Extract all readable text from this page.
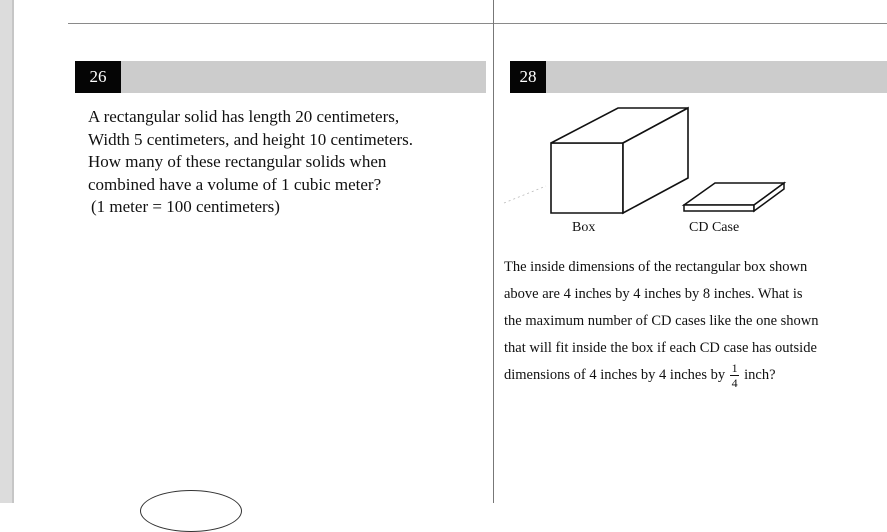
26

A rectangular solid has length 20 centimeters,
Width 5 centimeters, and height 10 centimeters.
How many of these rectangular solids when
combined have a volume of 1 cubic meter?
(1 meter = 100 centimeters)

28
Box	CD Case

The inside dimensions of the rectangular box shown
above are 4 inches by 4 inches by 8 inches. What is
the maximum number of CD cases like the one shown
that will fit inside the box if each CD case has outside
dimensions of 4 inches by 4 inches by $\frac{1}{4}$ inch?
